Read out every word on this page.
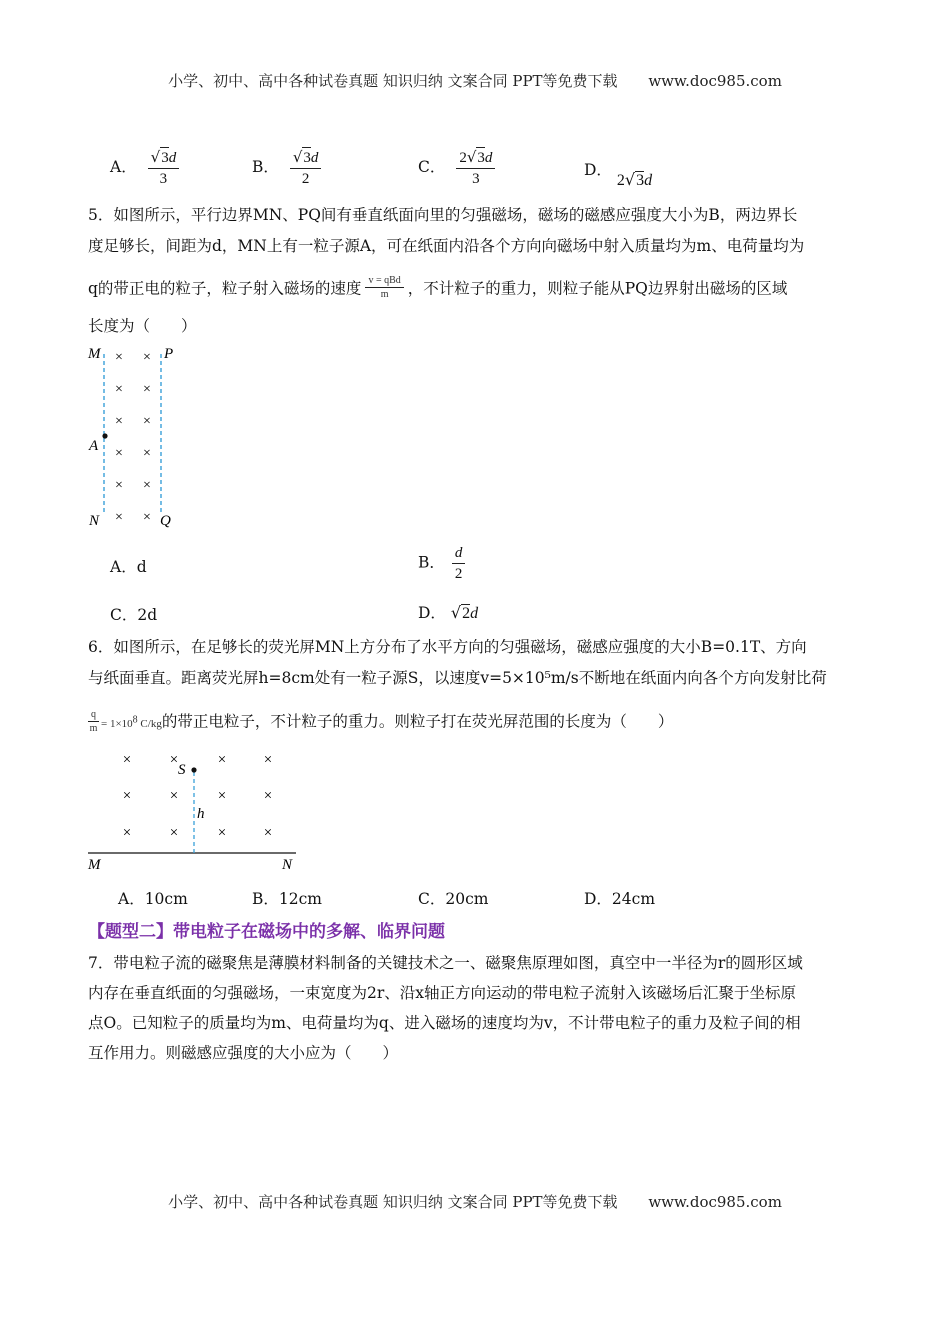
小学、初中、高中各种试卷真题 知识归纳 文案合同 PPT等免费下载 www.doc985.com
A． $\frac{√3d}{3}$	B． $\frac{√3d}{2}$	C． $\frac{2√3d}{3}$	D． 2√3d
5．如图所示，平行边界MN、PQ间有垂直纸面向里的匀强磁场，磁场的磁感应强度大小为B，两边界长
度足够长，间距为d，MN上有一粒子源A，可在纸面内沿各个方向向磁场中射入质量均为m、电荷量均为
q的带正电的粒子，粒子射入磁场的速度 $\frac{\text{v = qBd}}{m}$ ，不计粒子的重力，则粒子能从PQ边界射出磁场的区域
长度为（　　）
M	P
A
N	Q
× ×
× ×
× ×
× ×
× ×
× ×
A．d	B． $\frac{d}{2}$
C．2d	D． √2d
6．如图所示，在足够长的荧光屏MN上方分布了水平方向的匀强磁场，磁感应强度的大小B=0.1T、方向
与纸面垂直。距离荧光屏h=8cm处有一粒子源S，以速度v=5×10⁵m/s不断地在纸面内向各个方向发射比荷
$\frac{q}{m} = 1\times 10^8$ C/kg的带正电粒子，不计粒子的重力。则粒子打在荧光屏范围的长度为（　　）
S
h
M	N
×	×	×	×
×	×	×	×
×	×	×	×
A．10cm	B．12cm	C．20cm	D．24cm
【题型二】带电粒子在磁场中的多解、临界问题
7．带电粒子流的磁聚焦是薄膜材料制备的关键技术之一、磁聚焦原理如图，真空中一半径为r的圆形区域
内存在垂直纸面的匀强磁场，一束宽度为2r、沿x轴正方向运动的带电粒子流射入该磁场后汇聚于坐标原
点O。已知粒子的质量均为m、电荷量均为q、进入磁场的速度均为v，不计带电粒子的重力及粒子间的相
互作用力。则磁感应强度的大小应为（　　）
小学、初中、高中各种试卷真题 知识归纳 文案合同 PPT等免费下载 www.doc985.com
